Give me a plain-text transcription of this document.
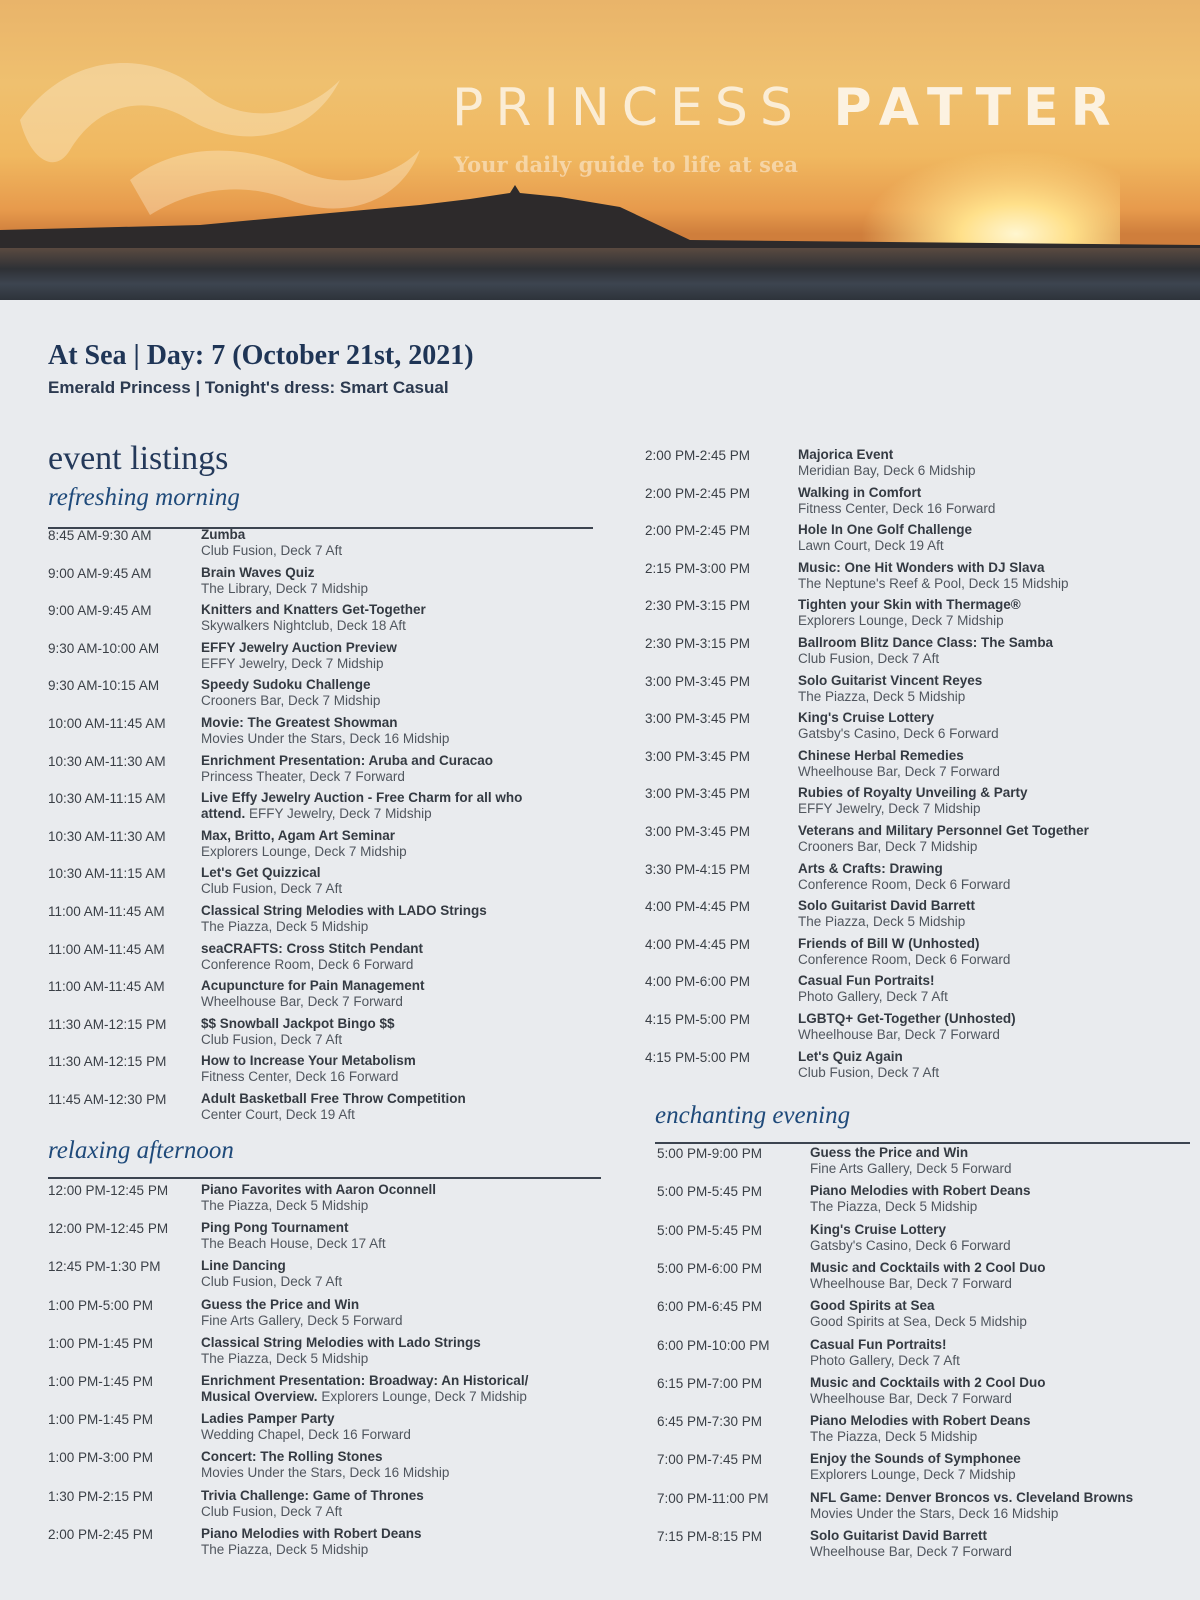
PRINCESS PATTER
Your daily guide to life at sea
At Sea | Day: 7 (October 21st, 2021)
Emerald Princess | Tonight's dress: Smart Casual
event listings
refreshing morning
8:45 AM-9:30 AM	Zumba
Club Fusion, Deck 7 Aft
9:00 AM-9:45 AM	Brain Waves Quiz
The Library, Deck 7 Midship
9:00 AM-9:45 AM	Knitters and Knatters Get-Together
Skywalkers Nightclub, Deck 18 Aft
9:30 AM-10:00 AM	EFFY Jewelry Auction Preview
EFFY Jewelry, Deck 7 Midship
9:30 AM-10:15 AM	Speedy Sudoku Challenge
Crooners Bar, Deck 7 Midship
10:00 AM-11:45 AM	Movie: The Greatest Showman
Movies Under the Stars, Deck 16 Midship
10:30 AM-11:30 AM	Enrichment Presentation: Aruba and Curacao
Princess Theater, Deck 7 Forward
10:30 AM-11:15 AM	Live Effy Jewelry Auction - Free Charm for all who
attend. EFFY Jewelry, Deck 7 Midship
10:30 AM-11:30 AM	Max, Britto, Agam Art Seminar
Explorers Lounge, Deck 7 Midship
10:30 AM-11:15 AM	Let's Get Quizzical
Club Fusion, Deck 7 Aft
11:00 AM-11:45 AM	Classical String Melodies with LADO Strings
The Piazza, Deck 5 Midship
11:00 AM-11:45 AM	seaCRAFTS: Cross Stitch Pendant
Conference Room, Deck 6 Forward
11:00 AM-11:45 AM	Acupuncture for Pain Management
Wheelhouse Bar, Deck 7 Forward
11:30 AM-12:15 PM	$$ Snowball Jackpot Bingo $$
Club Fusion, Deck 7 Aft
11:30 AM-12:15 PM	How to Increase Your Metabolism
Fitness Center, Deck 16 Forward
11:45 AM-12:30 PM	Adult Basketball Free Throw Competition
Center Court, Deck 19 Aft
relaxing afternoon
12:00 PM-12:45 PM Piano Favorites with Aaron Oconnell
The Piazza, Deck 5 Midship
12:00 PM-12:45 PM Ping Pong Tournament
The Beach House, Deck 17 Aft
12:45 PM-1:30 PM	Line Dancing
Club Fusion, Deck 7 Aft
1:00 PM-5:00 PM	Guess the Price and Win
Fine Arts Gallery, Deck 5 Forward
1:00 PM-1:45 PM	Classical String Melodies with Lado Strings
The Piazza, Deck 5 Midship
1:00 PM-1:45 PM	Enrichment Presentation: Broadway: An Historical/
Musical Overview. Explorers Lounge, Deck 7 Midship
1:00 PM-1:45 PM	Ladies Pamper Party
Wedding Chapel, Deck 16 Forward
1:00 PM-3:00 PM	Concert: The Rolling Stones
Movies Under the Stars, Deck 16 Midship
1:30 PM-2:15 PM	Trivia Challenge: Game of Thrones
Club Fusion, Deck 7 Aft
2:00 PM-2:45 PM	Piano Melodies with Robert Deans
The Piazza, Deck 5 Midship
2:00 PM-2:45 PM	Majorica Event
Meridian Bay, Deck 6 Midship
2:00 PM-2:45 PM	Walking in Comfort
Fitness Center, Deck 16 Forward
2:00 PM-2:45 PM	Hole In One Golf Challenge
Lawn Court, Deck 19 Aft
2:15 PM-3:00 PM	Music: One Hit Wonders with DJ Slava
The Neptune's Reef & Pool, Deck 15 Midship
2:30 PM-3:15 PM	Tighten your Skin with Thermage®
Explorers Lounge, Deck 7 Midship
2:30 PM-3:15 PM	Ballroom Blitz Dance Class: The Samba
Club Fusion, Deck 7 Aft
3:00 PM-3:45 PM	Solo Guitarist Vincent Reyes
The Piazza, Deck 5 Midship
3:00 PM-3:45 PM	King's Cruise Lottery
Gatsby's Casino, Deck 6 Forward
3:00 PM-3:45 PM	Chinese Herbal Remedies
Wheelhouse Bar, Deck 7 Forward
3:00 PM-3:45 PM	Rubies of Royalty Unveiling & Party
EFFY Jewelry, Deck 7 Midship
3:00 PM-3:45 PM	Veterans and Military Personnel Get Together
Crooners Bar, Deck 7 Midship
3:30 PM-4:15 PM	Arts & Crafts: Drawing
Conference Room, Deck 6 Forward
4:00 PM-4:45 PM	Solo Guitarist David Barrett
The Piazza, Deck 5 Midship
4:00 PM-4:45 PM	Friends of Bill W (Unhosted)
Conference Room, Deck 6 Forward
4:00 PM-6:00 PM	Casual Fun Portraits!
Photo Gallery, Deck 7 Aft
4:15 PM-5:00 PM	LGBTQ+ Get-Together (Unhosted)
Wheelhouse Bar, Deck 7 Forward
4:15 PM-5:00 PM	Let's Quiz Again
Club Fusion, Deck 7 Aft
enchanting evening
5:00 PM-9:00 PM	Guess the Price and Win
Fine Arts Gallery, Deck 5 Forward
5:00 PM-5:45 PM	Piano Melodies with Robert Deans
The Piazza, Deck 5 Midship
5:00 PM-5:45 PM	King's Cruise Lottery
Gatsby's Casino, Deck 6 Forward
5:00 PM-6:00 PM	Music and Cocktails with 2 Cool Duo
Wheelhouse Bar, Deck 7 Forward
6:00 PM-6:45 PM	Good Spirits at Sea
Good Spirits at Sea, Deck 5 Midship
6:00 PM-10:00 PM	Casual Fun Portraits!
Photo Gallery, Deck 7 Aft
6:15 PM-7:00 PM	Music and Cocktails with 2 Cool Duo
Wheelhouse Bar, Deck 7 Forward
6:45 PM-7:30 PM	Piano Melodies with Robert Deans
The Piazza, Deck 5 Midship
7:00 PM-7:45 PM	Enjoy the Sounds of Symphonee
Explorers Lounge, Deck 7 Midship
7:00 PM-11:00 PM	NFL Game: Denver Broncos vs. Cleveland Browns
Movies Under the Stars, Deck 16 Midship
7:15 PM-8:15 PM	Solo Guitarist David Barrett
Wheelhouse Bar, Deck 7 Forward
